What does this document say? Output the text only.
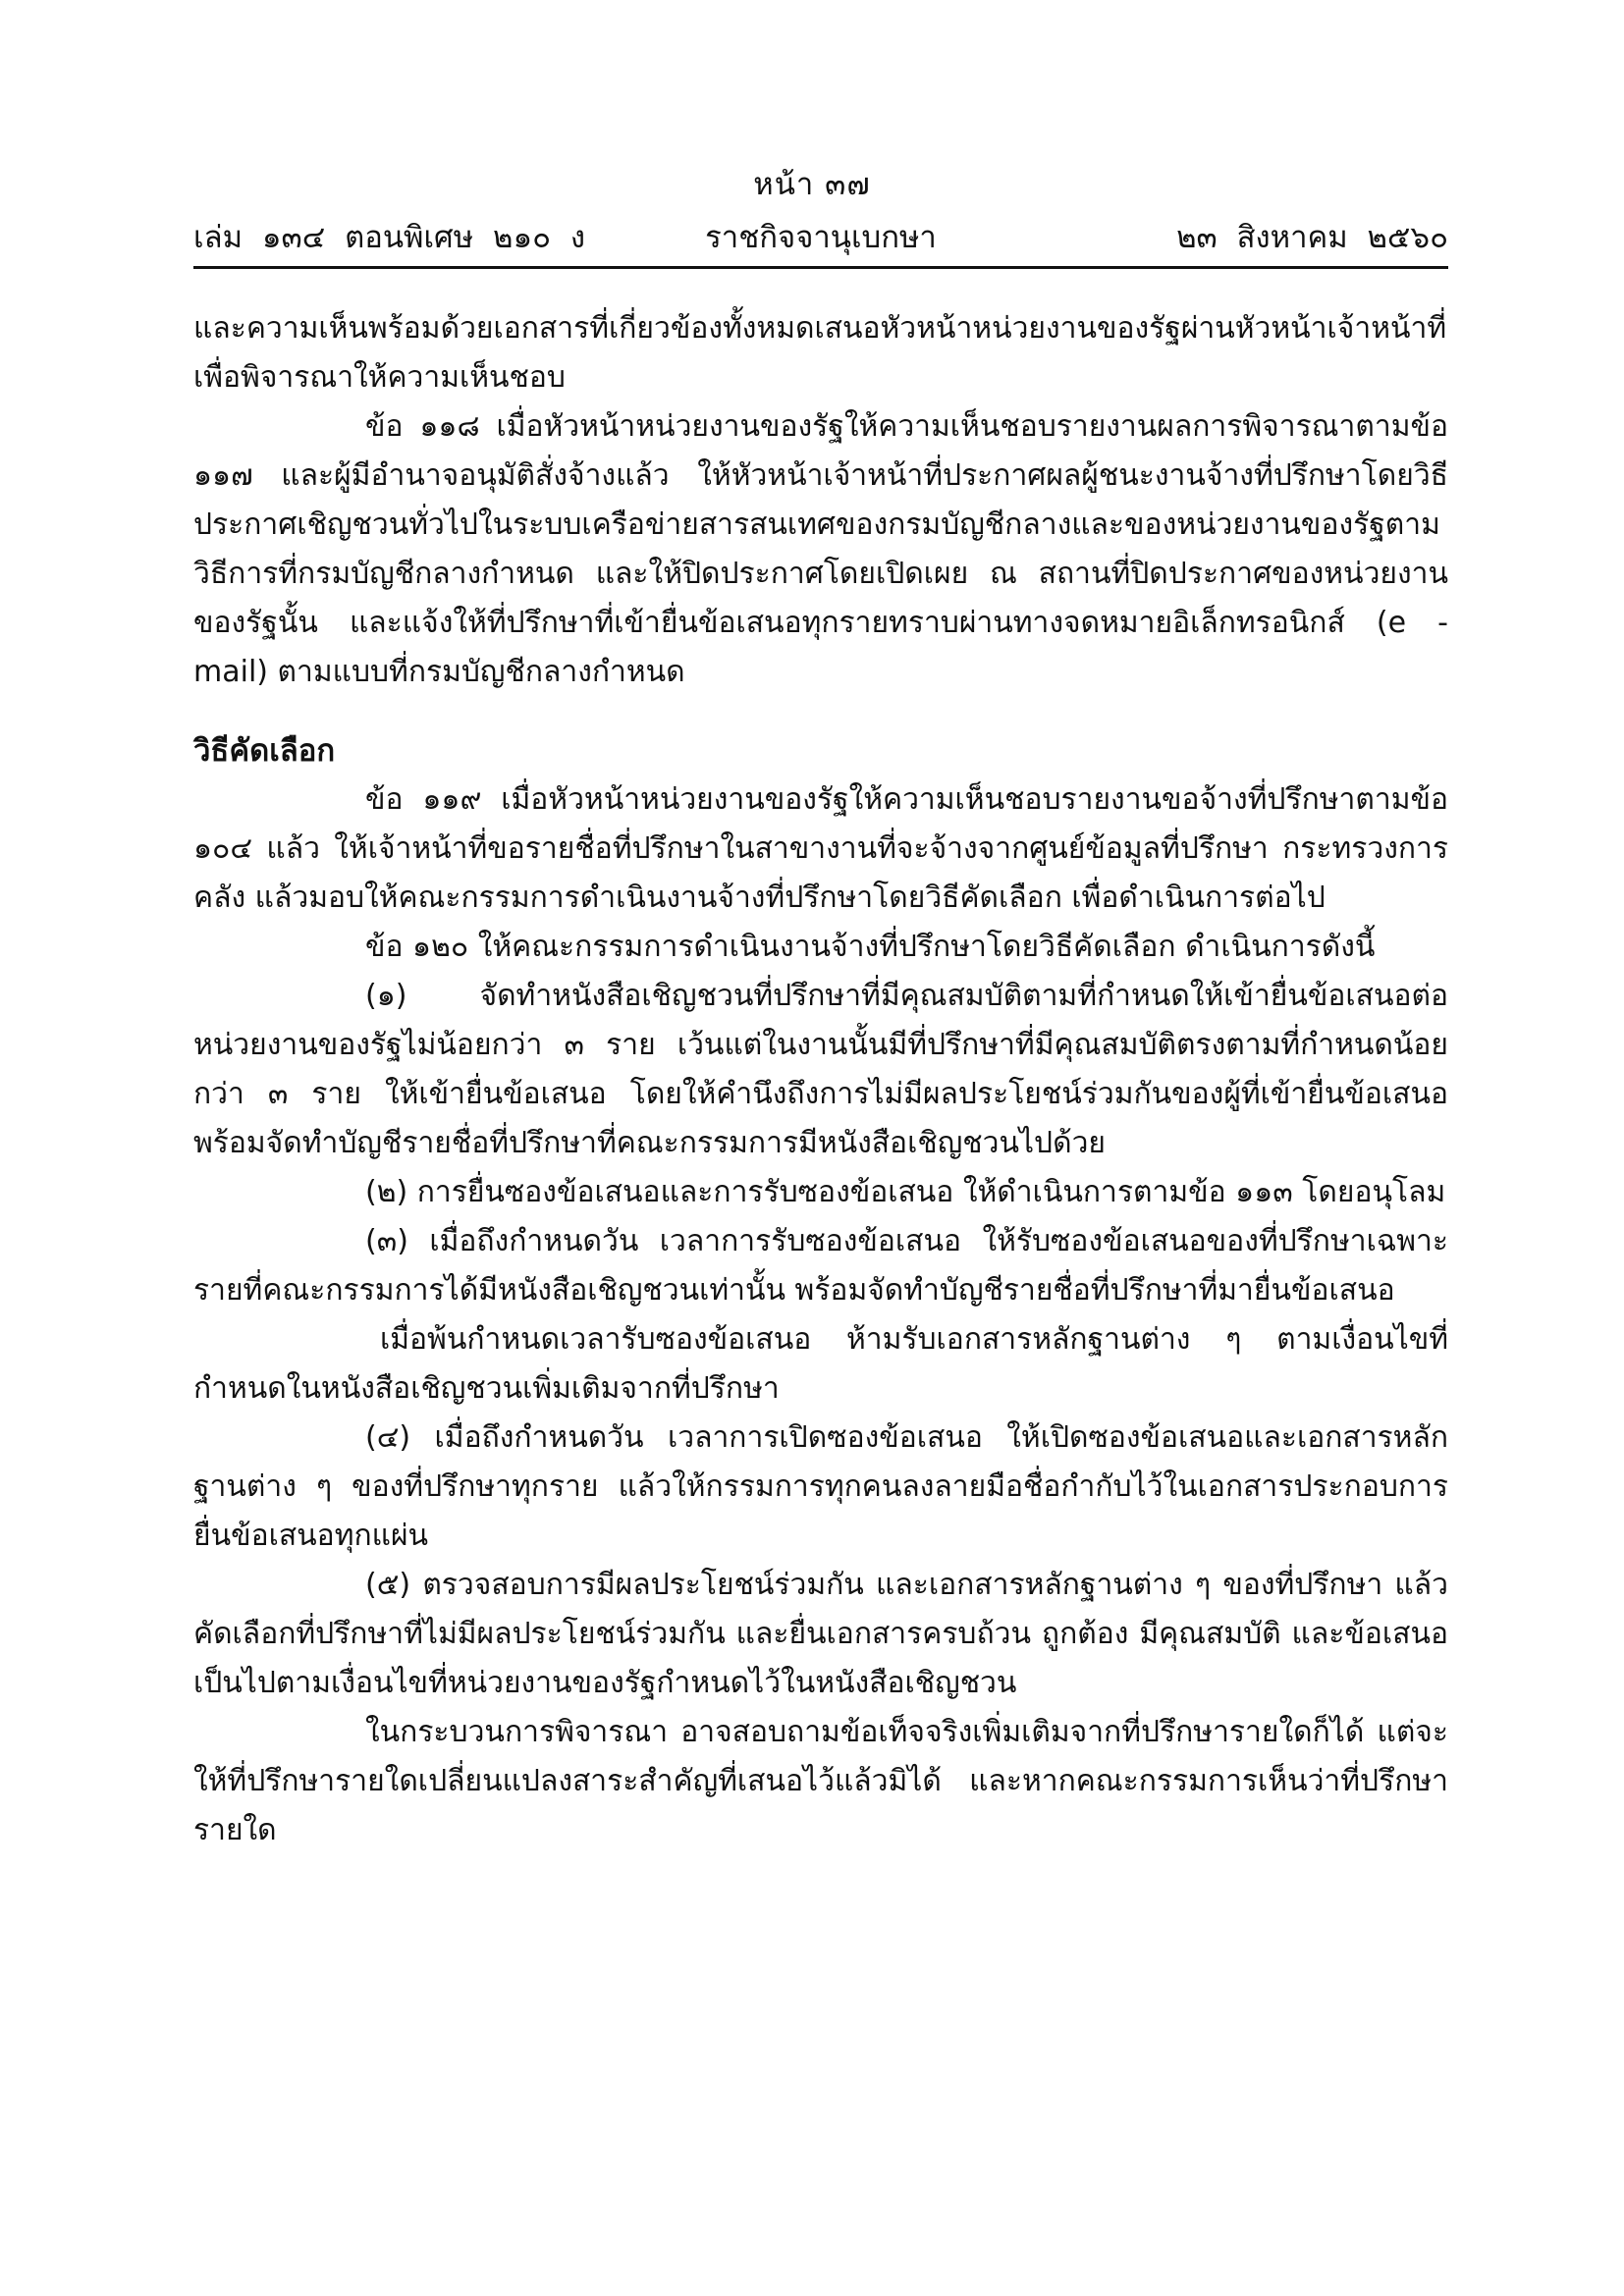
หน้า ๓๗
ราชกิจจานุเบกษา
เล่ม ๑๓๔ ตอนพิเศษ ๒๑๐ ง	๒๓ สิงหาคม ๒๕๖๐

และความเห็นพร้อมด้วยเอกสารที่เกี่ยวข้องทั้งหมดเสนอหัวหน้าหน่วยงานของรัฐผ่านหัวหน้าเจ้าหน้าที่เพื่อพิจารณาให้ความเห็นชอบ

ข้อ ๑๑๘ เมื่อหัวหน้าหน่วยงานของรัฐให้ความเห็นชอบรายงานผลการพิจารณาตามข้อ ๑๑๗ และผู้มีอำนาจอนุมัติสั่งจ้างแล้ว ให้หัวหน้าเจ้าหน้าที่ประกาศผลผู้ชนะงานจ้างที่ปรึกษาโดยวิธีประกาศเชิญชวนทั่วไปในระบบเครือข่ายสารสนเทศของกรมบัญชีกลางและของหน่วยงานของรัฐตามวิธีการที่กรมบัญชีกลางกำหนด และให้ปิดประกาศโดยเปิดเผย ณ สถานที่ปิดประกาศของหน่วยงานของรัฐนั้น และแจ้งให้ที่ปรึกษาที่เข้ายื่นข้อเสนอทุกรายทราบผ่านทางจดหมายอิเล็กทรอนิกส์ (e - mail) ตามแบบที่กรมบัญชีกลางกำหนด

วิธีคัดเลือก

ข้อ ๑๑๙ เมื่อหัวหน้าหน่วยงานของรัฐให้ความเห็นชอบรายงานขอจ้างที่ปรึกษาตามข้อ ๑๐๔ แล้ว ให้เจ้าหน้าที่ขอรายชื่อที่ปรึกษาในสาขางานที่จะจ้างจากศูนย์ข้อมูลที่ปรึกษา กระทรวงการคลัง แล้วมอบให้คณะกรรมการดำเนินงานจ้างที่ปรึกษาโดยวิธีคัดเลือก เพื่อดำเนินการต่อไป

ข้อ ๑๒๐ ให้คณะกรรมการดำเนินงานจ้างที่ปรึกษาโดยวิธีคัดเลือก ดำเนินการดังนี้

(๑) จัดทำหนังสือเชิญชวนที่ปรึกษาที่มีคุณสมบัติตามที่กำหนดให้เข้ายื่นข้อเสนอต่อหน่วยงานของรัฐไม่น้อยกว่า ๓ ราย เว้นแต่ในงานนั้นมีที่ปรึกษาที่มีคุณสมบัติตรงตามที่กำหนดน้อยกว่า ๓ ราย ให้เข้ายื่นข้อเสนอ โดยให้คำนึงถึงการไม่มีผลประโยชน์ร่วมกันของผู้ที่เข้ายื่นข้อเสนอ พร้อมจัดทำบัญชีรายชื่อที่ปรึกษาที่คณะกรรมการมีหนังสือเชิญชวนไปด้วย

(๒) การยื่นซองข้อเสนอและการรับซองข้อเสนอ ให้ดำเนินการตามข้อ ๑๑๓ โดยอนุโลม

(๓) เมื่อถึงกำหนดวัน เวลาการรับซองข้อเสนอ ให้รับซองข้อเสนอของที่ปรึกษาเฉพาะรายที่คณะกรรมการได้มีหนังสือเชิญชวนเท่านั้น พร้อมจัดทำบัญชีรายชื่อที่ปรึกษาที่มายื่นข้อเสนอ

เมื่อพ้นกำหนดเวลารับซองข้อเสนอ ห้ามรับเอกสารหลักฐานต่าง ๆ ตามเงื่อนไขที่กำหนดในหนังสือเชิญชวนเพิ่มเติมจากที่ปรึกษา

(๔) เมื่อถึงกำหนดวัน เวลาการเปิดซองข้อเสนอ ให้เปิดซองข้อเสนอและเอกสารหลักฐานต่าง ๆ ของที่ปรึกษาทุกราย แล้วให้กรรมการทุกคนลงลายมือชื่อกำกับไว้ในเอกสารประกอบการยื่นข้อเสนอทุกแผ่น

(๕) ตรวจสอบการมีผลประโยชน์ร่วมกัน และเอกสารหลักฐานต่าง ๆ ของที่ปรึกษา แล้วคัดเลือกที่ปรึกษาที่ไม่มีผลประโยชน์ร่วมกัน และยื่นเอกสารครบถ้วน ถูกต้อง มีคุณสมบัติ และข้อเสนอเป็นไปตามเงื่อนไขที่หน่วยงานของรัฐกำหนดไว้ในหนังสือเชิญชวน

ในกระบวนการพิจารณา อาจสอบถามข้อเท็จจริงเพิ่มเติมจากที่ปรึกษารายใดก็ได้ แต่จะให้ที่ปรึกษารายใดเปลี่ยนแปลงสาระสำคัญที่เสนอไว้แล้วมิได้ และหากคณะกรรมการเห็นว่าที่ปรึกษารายใด
